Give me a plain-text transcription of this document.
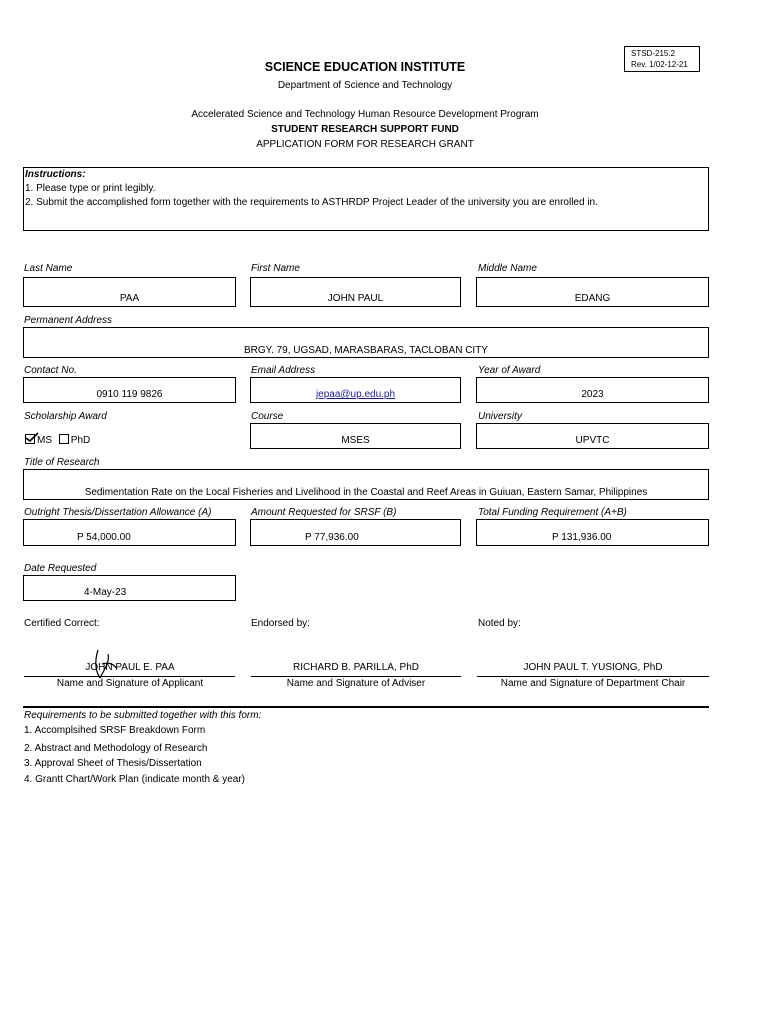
STSD-215.2
Rev. 1/02-12-21
SCIENCE EDUCATION INSTITUTE
Department of Science and Technology
Accelerated Science and Technology Human Resource Development Program
STUDENT RESEARCH SUPPORT FUND
APPLICATION FORM FOR RESEARCH GRANT
Instructions:
1. Please type or print legibly.
2. Submit the accomplished form together with the requirements to ASTHRDP Project Leader of the university you are enrolled in.
Last Name	First Name	Middle Name
PAA	JOHN PAUL	EDANG
Permanent Address
BRGY. 79, UGSAD, MARASBARAS, TACLOBAN CITY
Contact No.	Email Address	Year of Award
0910 119 9826	jepaa@up.edu.ph	2023
Scholarship Award	Course	University
MS PhD	MSES	UPVTC
Title of Research
Sedimentation Rate on the Local Fisheries and Livelihood in the Coastal and Reef Areas in Guiuan, Eastern Samar, Philippines
Outright Thesis/Dissertation Allowance (A)	Amount Requested for SRSF (B)	Total Funding Requirement (A+B)
P 54,000.00	P 77,936.00	P 131,936.00
Date Requested
4-May-23
Certified Correct:	Endorsed by:	Noted by:
JOHN PAUL E. PAA	RICHARD B. PARILLA, PhD	JOHN PAUL T. YUSIONG, PhD
Name and Signature of Applicant	Name and Signature of Adviser	Name and Signature of Department Chair
Requirements to be submitted together with this form:
1. Accomplsihed SRSF Breakdown Form
2. Abstract and Methodology of Research
3. Approval Sheet of Thesis/Dissertation
4. Grantt Chart/Work Plan (indicate month & year)
